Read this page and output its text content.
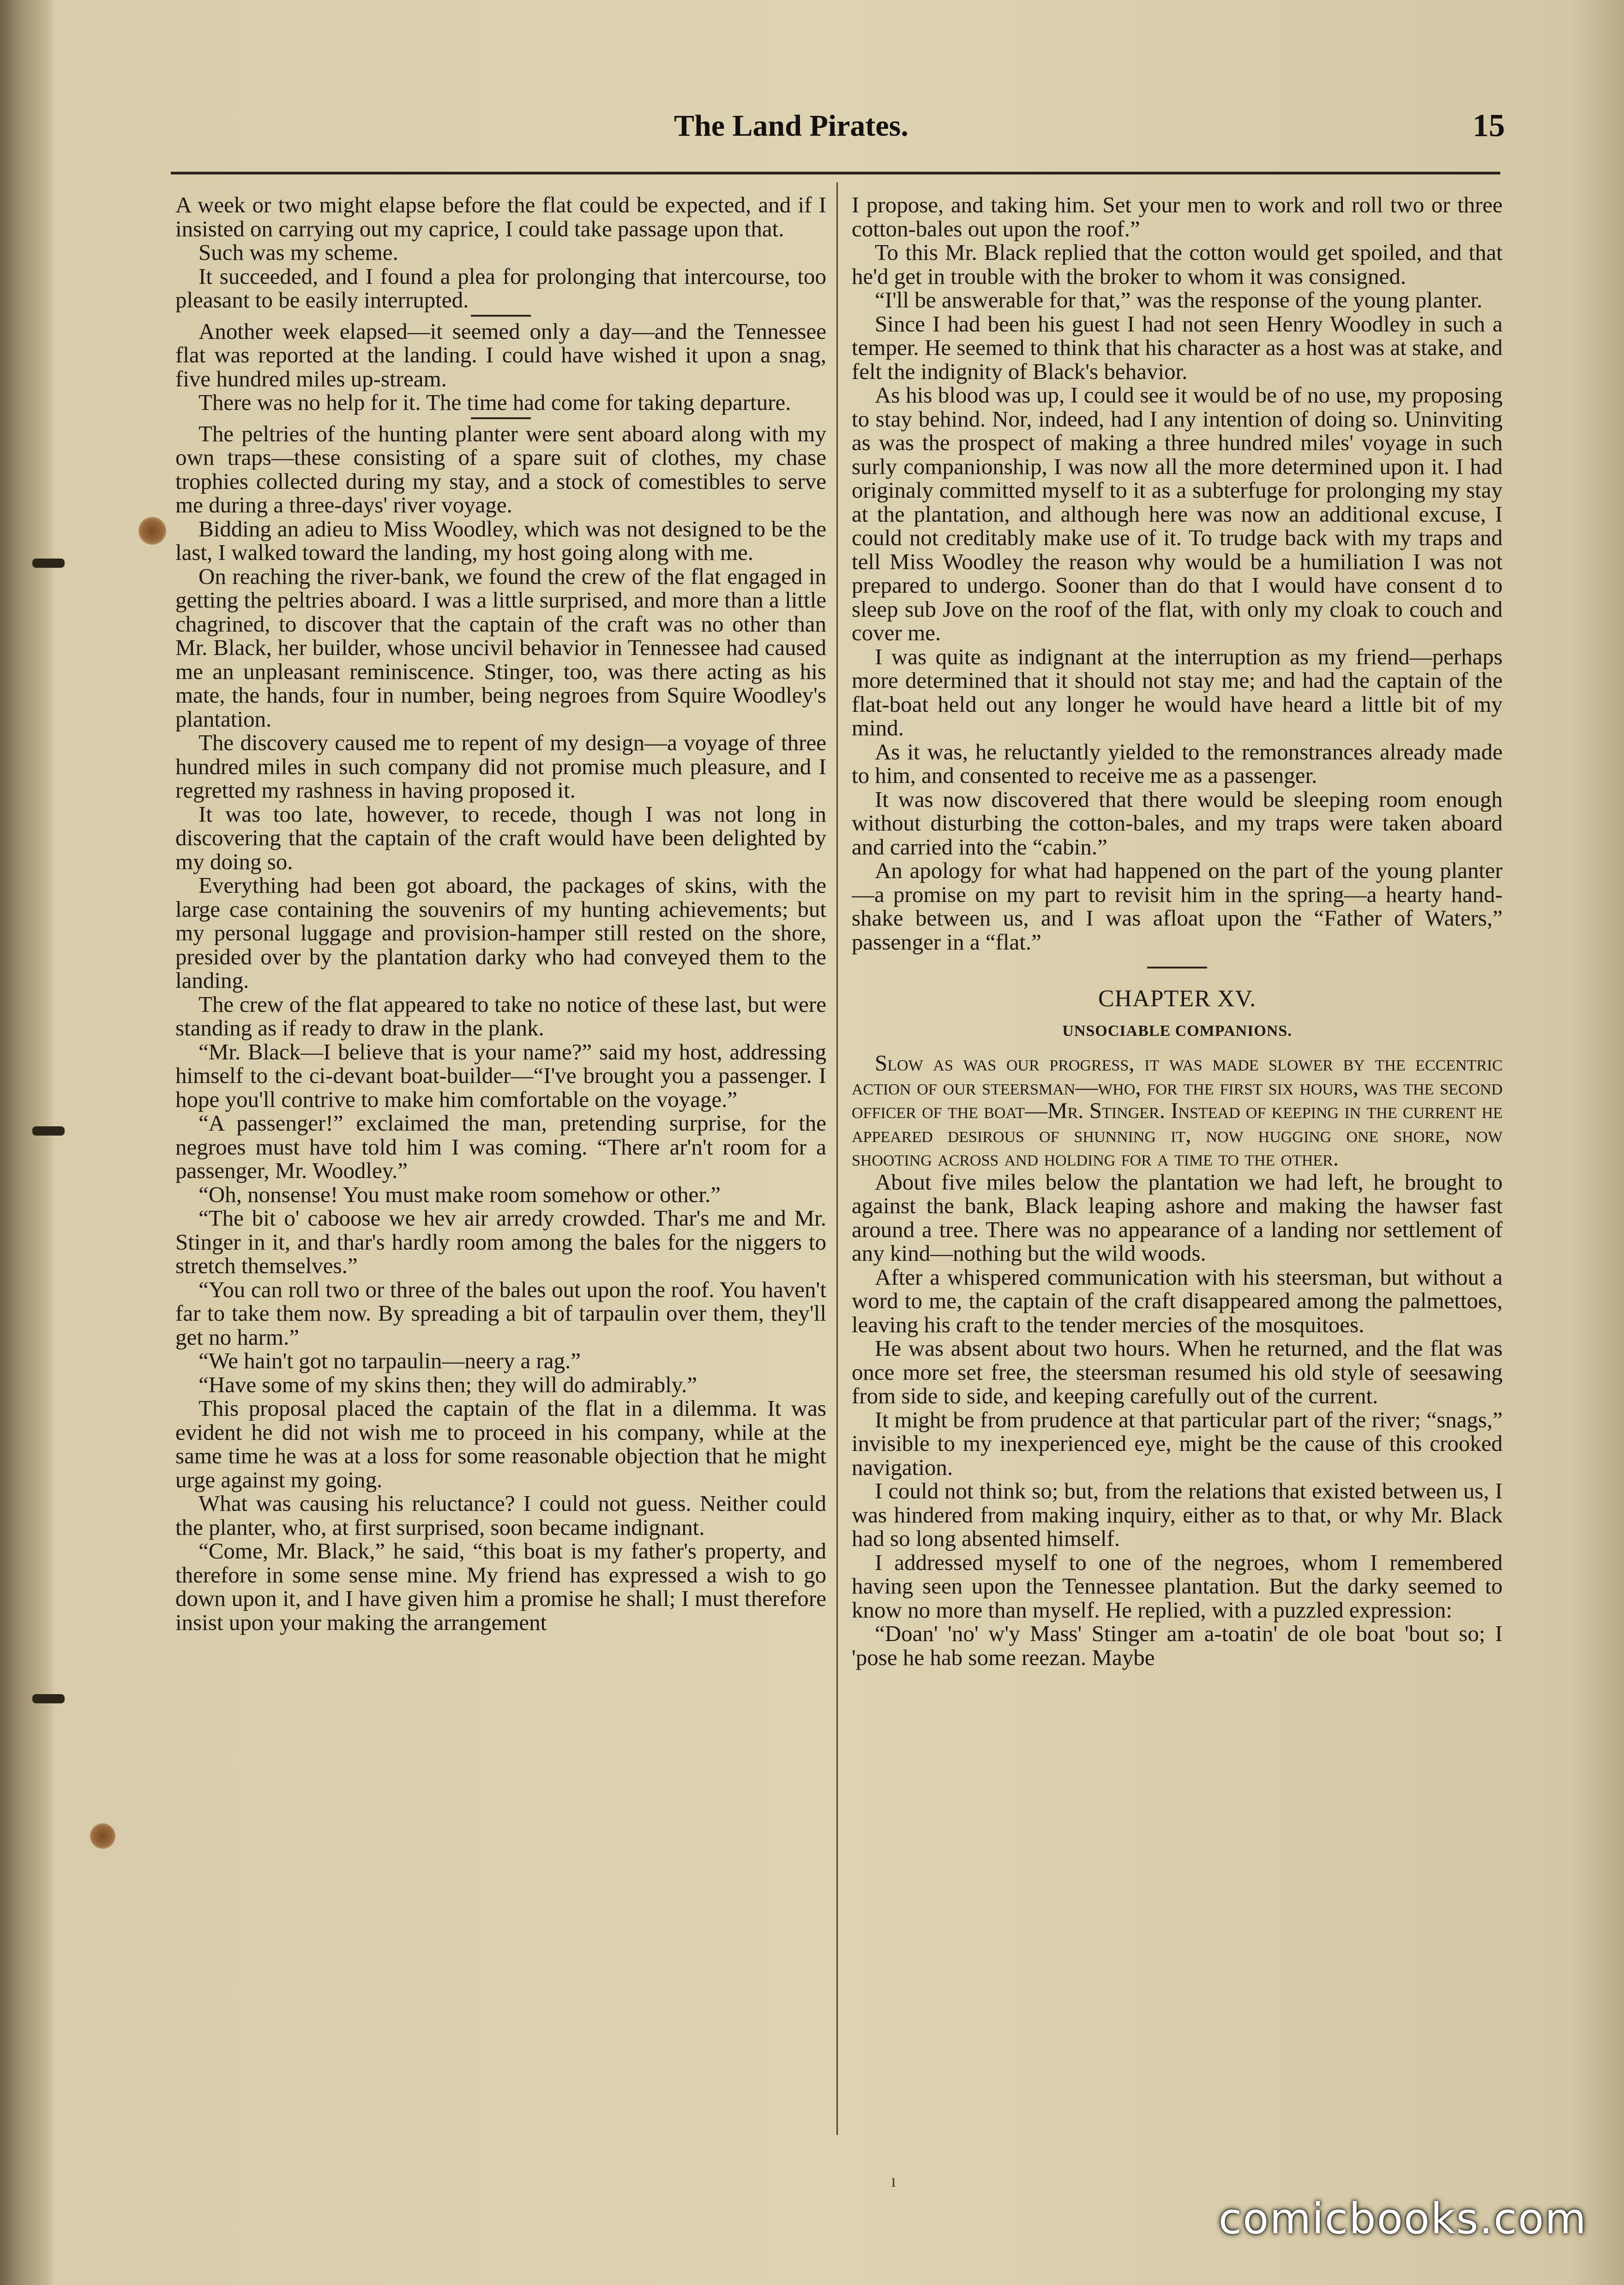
The Land Pirates.	15

A week or two might elapse before the flat could be expected, and if I insisted on carrying out my caprice, I could take passage upon that.

Such was my scheme.

It succeeded, and I found a plea for prolonging that intercourse, too pleasant to be easily interrupted.

Another week elapsed—it seemed only a day—and the Tennessee flat was reported at the landing. I could have wished it upon a snag, five hundred miles up-stream.

There was no help for it. The time had come for taking departure.

The peltries of the hunting planter were sent aboard along with my own traps—these consisting of a spare suit of clothes, my chase trophies collected during my stay, and a stock of comestibles to serve me during a three-days' river voyage.

Bidding an adieu to Miss Woodley, which was not designed to be the last, I walked toward the landing, my host going along with me.

On reaching the river-bank, we found the crew of the flat engaged in getting the peltries aboard. I was a little surprised, and more than a little chagrined, to discover that the captain of the craft was no other than Mr. Black, her builder, whose uncivil behavior in Tennessee had caused me an unpleasant reminiscence. Stinger, too, was there acting as his mate, the hands, four in number, being negroes from Squire Woodley's plantation.

The discovery caused me to repent of my design—a voyage of three hundred miles in such company did not promise much pleasure, and I regretted my rashness in having proposed it.

It was too late, however, to recede, though I was not long in discovering that the captain of the craft would have been delighted by my doing so.

Everything had been got aboard, the packages of skins, with the large case containing the souvenirs of my hunting achievements; but my personal luggage and provision-hamper still rested on the shore, presided over by the plantation darky who had conveyed them to the landing.

The crew of the flat appeared to take no notice of these last, but were standing as if ready to draw in the plank.

“Mr. Black—I believe that is your name?” said my host, addressing himself to the ci-devant boat-builder—“I've brought you a passenger. I hope you'll contrive to make him comfortable on the voyage.”

“A passenger!” exclaimed the man, pretending surprise, for the negroes must have told him I was coming. “There ar'n't room for a passenger, Mr. Woodley.”

“Oh, nonsense! You must make room somehow or other.”

“The bit o' caboose we hev air arredy crowded. Thar's me and Mr. Stinger in it, and thar's hardly room among the bales for the niggers to stretch themselves.”

“You can roll two or three of the bales out upon the roof. You haven't far to take them now. By spreading a bit of tarpaulin over them, they'll get no harm.”

“We hain't got no tarpaulin—neery a rag.”

“Have some of my skins then; they will do admirably.”

This proposal placed the captain of the flat in a dilemma. It was evident he did not wish me to proceed in his company, while at the same time he was at a loss for some reasonable objection that he might urge against my going.

What was causing his reluctance? I could not guess. Neither could the planter, who, at first surprised, soon became indignant.

“Come, Mr. Black,” he said, “this boat is my father's property, and therefore in some sense mine. My friend has expressed a wish to go down upon it, and I have given him a promise he shall; I must therefore insist upon your making the arrangement

I propose, and taking him. Set your men to work and roll two or three cotton-bales out upon the roof.”

To this Mr. Black replied that the cotton would get spoiled, and that he'd get in trouble with the broker to whom it was consigned.

“I'll be answerable for that,” was the response of the young planter.

Since I had been his guest I had not seen Henry Woodley in such a temper. He seemed to think that his character as a host was at stake, and felt the indignity of Black's behavior.

As his blood was up, I could see it would be of no use, my proposing to stay behind. Nor, indeed, had I any intention of doing so. Uninviting as was the prospect of making a three hundred miles' voyage in such surly companionship, I was now all the more determined upon it. I had originaly committed myself to it as a subterfuge for prolonging my stay at the plantation, and although here was now an additional excuse, I could not creditably make use of it. To trudge back with my traps and tell Miss Woodley the reason why would be a humiliation I was not prepared to undergo. Sooner than do that I would have consent d to sleep sub Jove on the roof of the flat, with only my cloak to couch and cover me.

I was quite as indignant at the interruption as my friend—perhaps more determined that it should not stay me; and had the captain of the flat-boat held out any longer he would have heard a little bit of my mind.

As it was, he reluctantly yielded to the remonstrances already made to him, and consented to receive me as a passenger.

It was now discovered that there would be sleeping room enough without disturbing the cotton-bales, and my traps were taken aboard and carried into the “cabin.”

An apology for what had happened on the part of the young planter—a promise on my part to revisit him in the spring—a hearty hand-shake between us, and I was afloat upon the “Father of Waters,” passenger in a “flat.”

CHAPTER XV.
UNSOCIABLE COMPANIONS.

Slow as was our progress, it was made slower by the eccentric action of our steersman—who, for the first six hours, was the second officer of the boat—Mr. Stinger. Instead of keeping in the current he appeared desirous of shunning it, now hugging one shore, now shooting across and holding for a time to the other.

About five miles below the plantation we had left, he brought to against the bank, Black leaping ashore and making the hawser fast around a tree. There was no appearance of a landing nor settlement of any kind—nothing but the wild woods.

After a whispered communication with his steersman, but without a word to me, the captain of the craft disappeared among the palmettoes, leaving his craft to the tender mercies of the mosquitoes.

He was absent about two hours. When he returned, and the flat was once more set free, the steersman resumed his old style of seesawing from side to side, and keeping carefully out of the current.

It might be from prudence at that particular part of the river; “snags,” invisible to my inexperienced eye, might be the cause of this crooked navigation.

I could not think so; but, from the relations that existed between us, I was hindered from making inquiry, either as to that, or why Mr. Black had so long absented himself.

I addressed myself to one of the negroes, whom I remembered having seen upon the Tennessee plantation. But the darky seemed to know no more than myself. He replied, with a puzzled expression:

“Doan' 'no' w'y Mass' Stinger am a-toatin' de ole boat 'bout so; I 'pose he hab some reezan. Maybe

ı
comicbooks.com
